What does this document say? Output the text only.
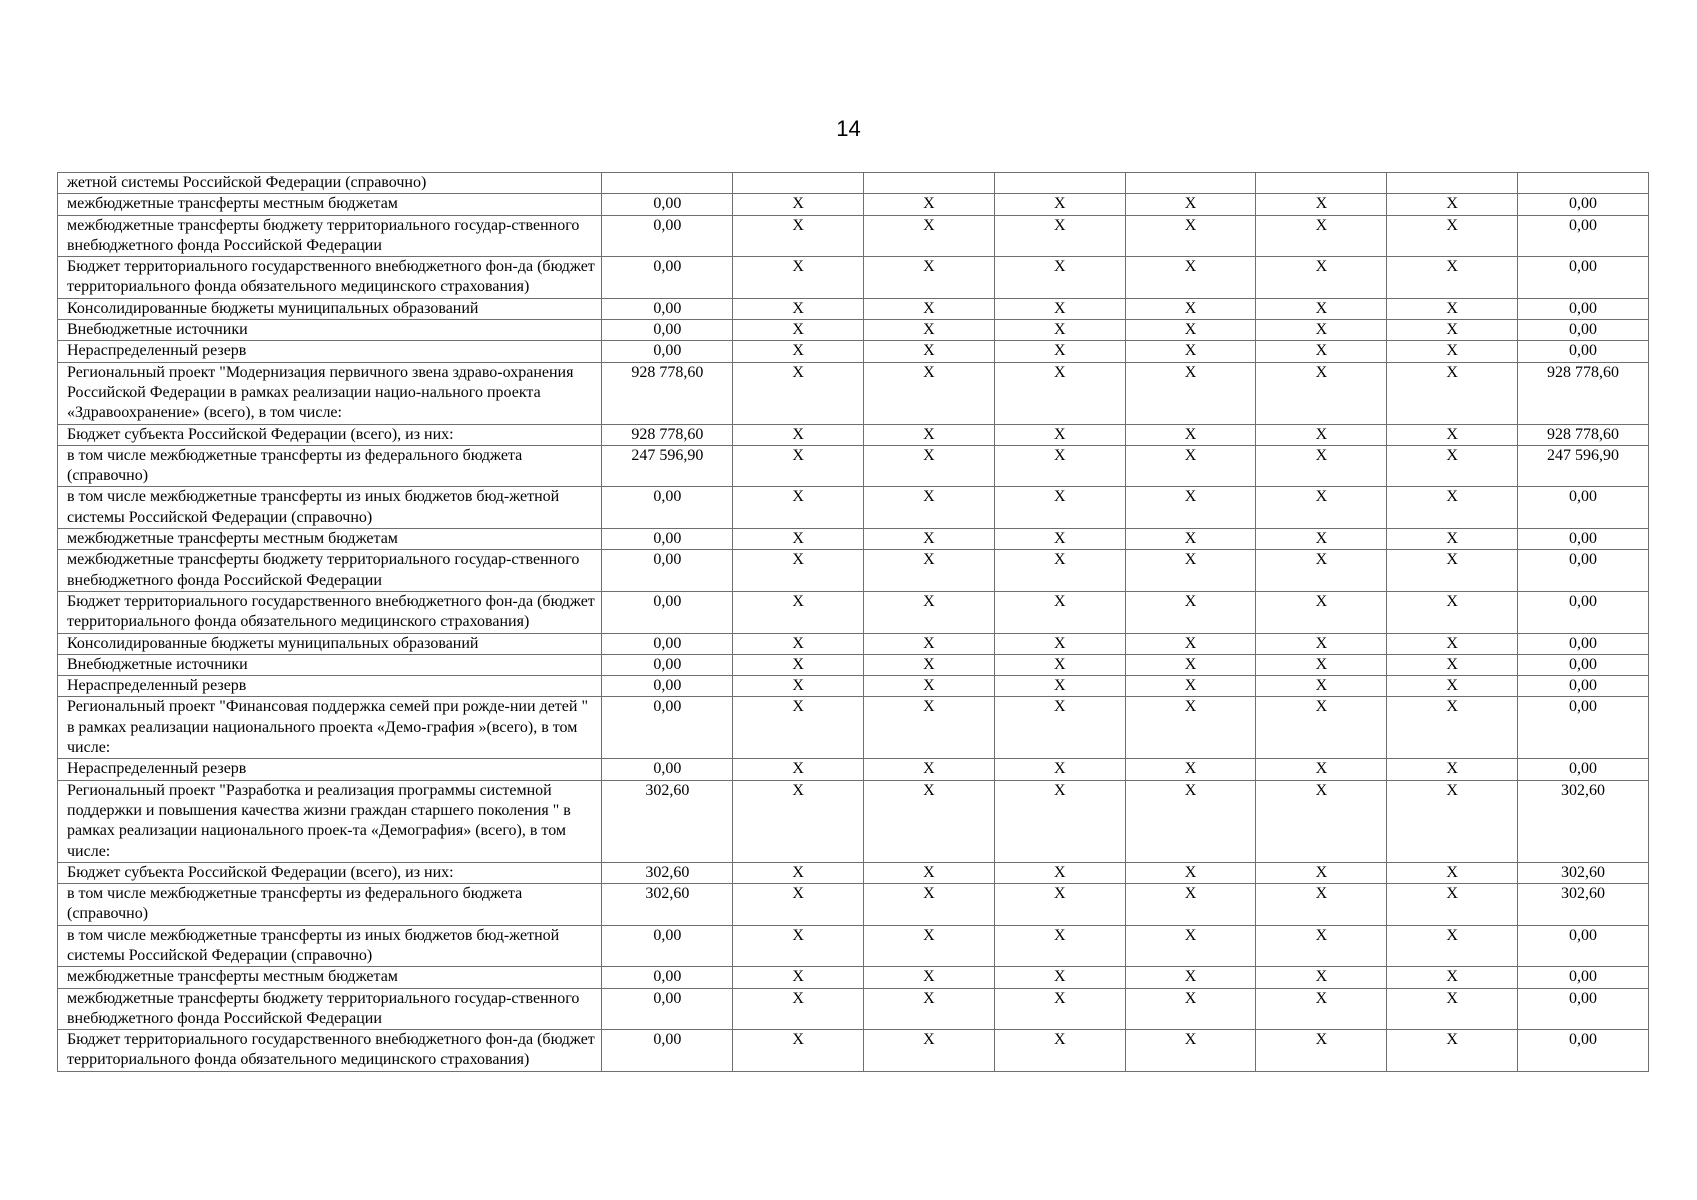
14
жетной системы Российской Федерации (справочно)								
межбюджетные трансферты местным бюджетам	0,00	X	X	X	X	X	X	0,00
межбюджетные трансферты бюджету территориального государ-ственного внебюджетного фонда Российской Федерации	0,00	X	X	X	X	X	X	0,00
Бюджет территориального государственного внебюджетного фон-да (бюджет территориального фонда обязательного медицинского страхования)	0,00	X	X	X	X	X	X	0,00
Консолидированные бюджеты муниципальных образований	0,00	X	X	X	X	X	X	0,00
Внебюджетные источники	0,00	X	X	X	X	X	X	0,00
Нераспределенный резерв	0,00	X	X	X	X	X	X	0,00
Региональный проект "Модернизация первичного звена здраво-охранения Российской Федерации в рамках реализации нацио-нального проекта «Здравоохранение» (всего), в том числе:	928 778,60	X	X	X	X	X	X	928 778,60
Бюджет субъекта Российской Федерации (всего), из них:	928 778,60	X	X	X	X	X	X	928 778,60
в том числе межбюджетные трансферты из федерального бюджета (справочно)	247 596,90	X	X	X	X	X	X	247 596,90
в том числе межбюджетные трансферты из иных бюджетов бюд-жетной системы Российской Федерации (справочно)	0,00	X	X	X	X	X	X	0,00
межбюджетные трансферты местным бюджетам	0,00	X	X	X	X	X	X	0,00
межбюджетные трансферты бюджету территориального государ-ственного внебюджетного фонда Российской Федерации	0,00	X	X	X	X	X	X	0,00
Бюджет территориального государственного внебюджетного фон-да (бюджет территориального фонда обязательного медицинского страхования)	0,00	X	X	X	X	X	X	0,00
Консолидированные бюджеты муниципальных образований	0,00	X	X	X	X	X	X	0,00
Внебюджетные источники	0,00	X	X	X	X	X	X	0,00
Нераспределенный резерв	0,00	X	X	X	X	X	X	0,00
Региональный проект "Финансовая поддержка семей при рожде-нии детей " в рамках реализации национального проекта «Демо-графия »(всего), в том числе:	0,00	X	X	X	X	X	X	0,00
Нераспределенный резерв	0,00	X	X	X	X	X	X	0,00
Региональный проект "Разработка и реализация программы системной поддержки и повышения качества жизни граждан старшего поколения " в рамках реализации национального проек-та «Демография» (всего), в том числе:	302,60	X	X	X	X	X	X	302,60
Бюджет субъекта Российской Федерации (всего), из них:	302,60	X	X	X	X	X	X	302,60
в том числе межбюджетные трансферты из федерального бюджета (справочно)	302,60	X	X	X	X	X	X	302,60
в том числе межбюджетные трансферты из иных бюджетов бюд-жетной системы Российской Федерации (справочно)	0,00	X	X	X	X	X	X	0,00
межбюджетные трансферты местным бюджетам	0,00	X	X	X	X	X	X	0,00
межбюджетные трансферты бюджету территориального государ-ственного внебюджетного фонда Российской Федерации	0,00	X	X	X	X	X	X	0,00
Бюджет территориального государственного внебюджетного фон-да (бюджет территориального фонда обязательного медицинского страхования)	0,00	X	X	X	X	X	X	0,00
